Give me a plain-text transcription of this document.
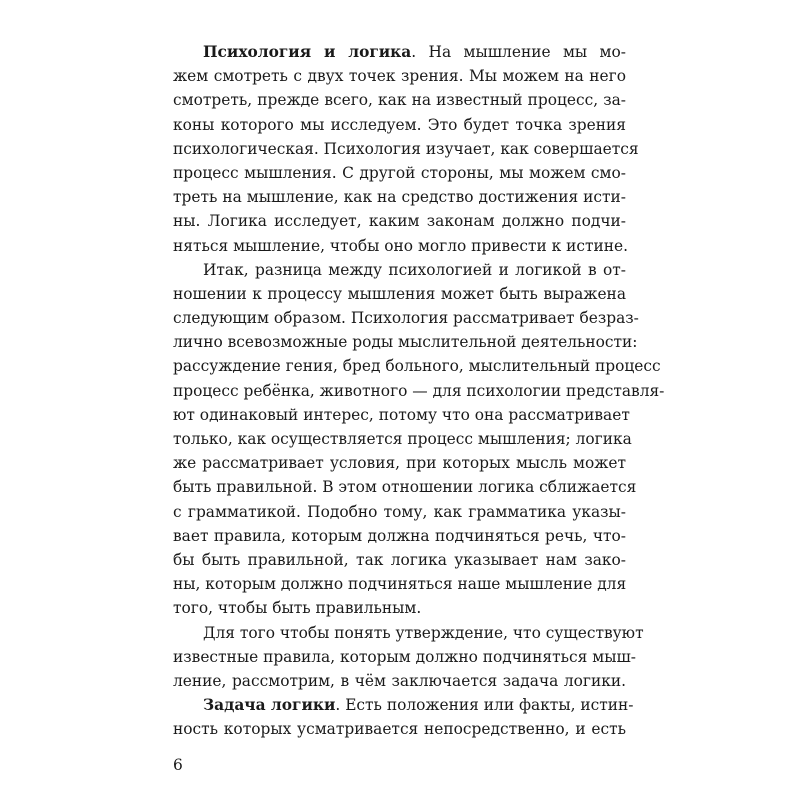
Психология и логика. На мышление мы мо-
жем смотреть с двух точек зрения. Мы можем на него
смотреть, прежде всего, как на известный процесс, за-
коны которого мы исследуем. Это будет точка зрения
психологическая. Психология изучает, как совершается
процесс мышления. С другой стороны, мы можем смо-
треть на мышление, как на средство достижения исти-
ны. Логика исследует, каким законам должно подчи-
няться мышление, чтобы оно могло привести к истине.
Итак, разница между психологией и логикой в от-
ношении к процессу мышления может быть выражена
следующим образом. Психология рассматривает безраз-
лично всевозможные роды мыслительной деятельности:
рассуждение гения, бред больного, мыслительный процесс
процесс ребёнка, животного — для психологии представля-
ют одинаковый интерес, потому что она рассматривает
только, как осуществляется процесс мышления; логика
же рассматривает условия, при которых мысль может
быть правильной. В этом отношении логика сближается
с грамматикой. Подобно тому, как грамматика указы-
вает правила, которым должна подчиняться речь, что-
бы быть правильной, так логика указывает нам зако-
ны, которым должно подчиняться наше мышление для
того, чтобы быть правильным.
Для того чтобы понять утверждение, что существуют
известные правила, которым должно подчиняться мыш-
ление, рассмотрим, в чём заключается задача логики.
Задача логики. Есть положения или факты, истин-
ность которых усматривается непосредственно, и есть
6
